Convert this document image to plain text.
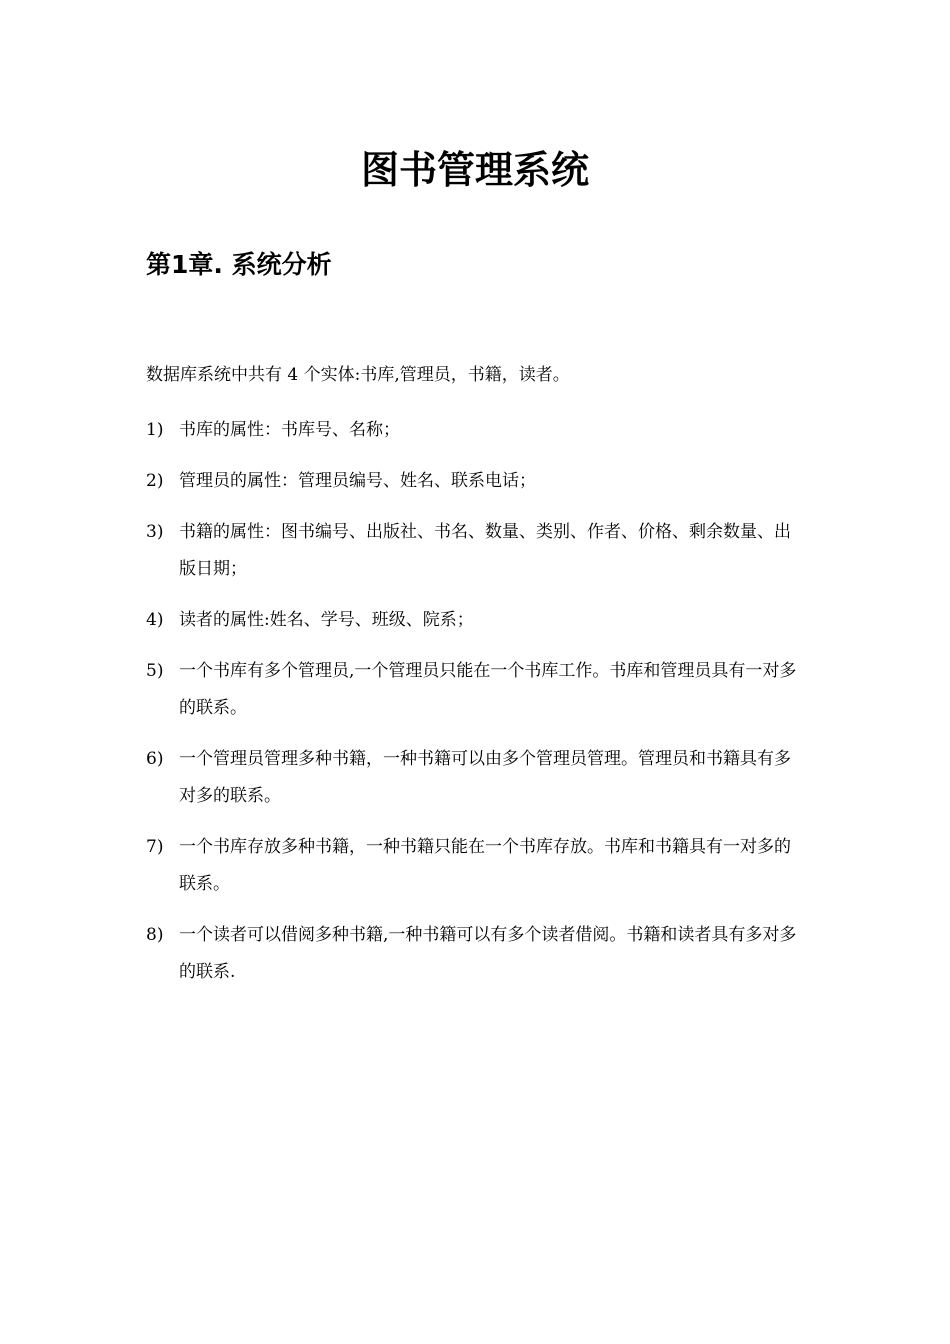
图书管理系统
第1章. 系统分析

数据库系统中共有 4 个实体:书库,管理员，书籍，读者。

1) 书库的属性：书库号、名称；
2) 管理员的属性：管理员编号、姓名、联系电话；
3) 书籍的属性：图书编号、出版社、书名、数量、类别、作者、价格、剩余数量、出版日期；
4) 读者的属性:姓名、学号、班级、院系；
5) 一个书库有多个管理员,一个管理员只能在一个书库工作。书库和管理员具有一对多的联系。
6) 一个管理员管理多种书籍，一种书籍可以由多个管理员管理。管理员和书籍具有多对多的联系。
7) 一个书库存放多种书籍，一种书籍只能在一个书库存放。书库和书籍具有一对多的联系。
8) 一个读者可以借阅多种书籍,一种书籍可以有多个读者借阅。书籍和读者具有多对多的联系.
